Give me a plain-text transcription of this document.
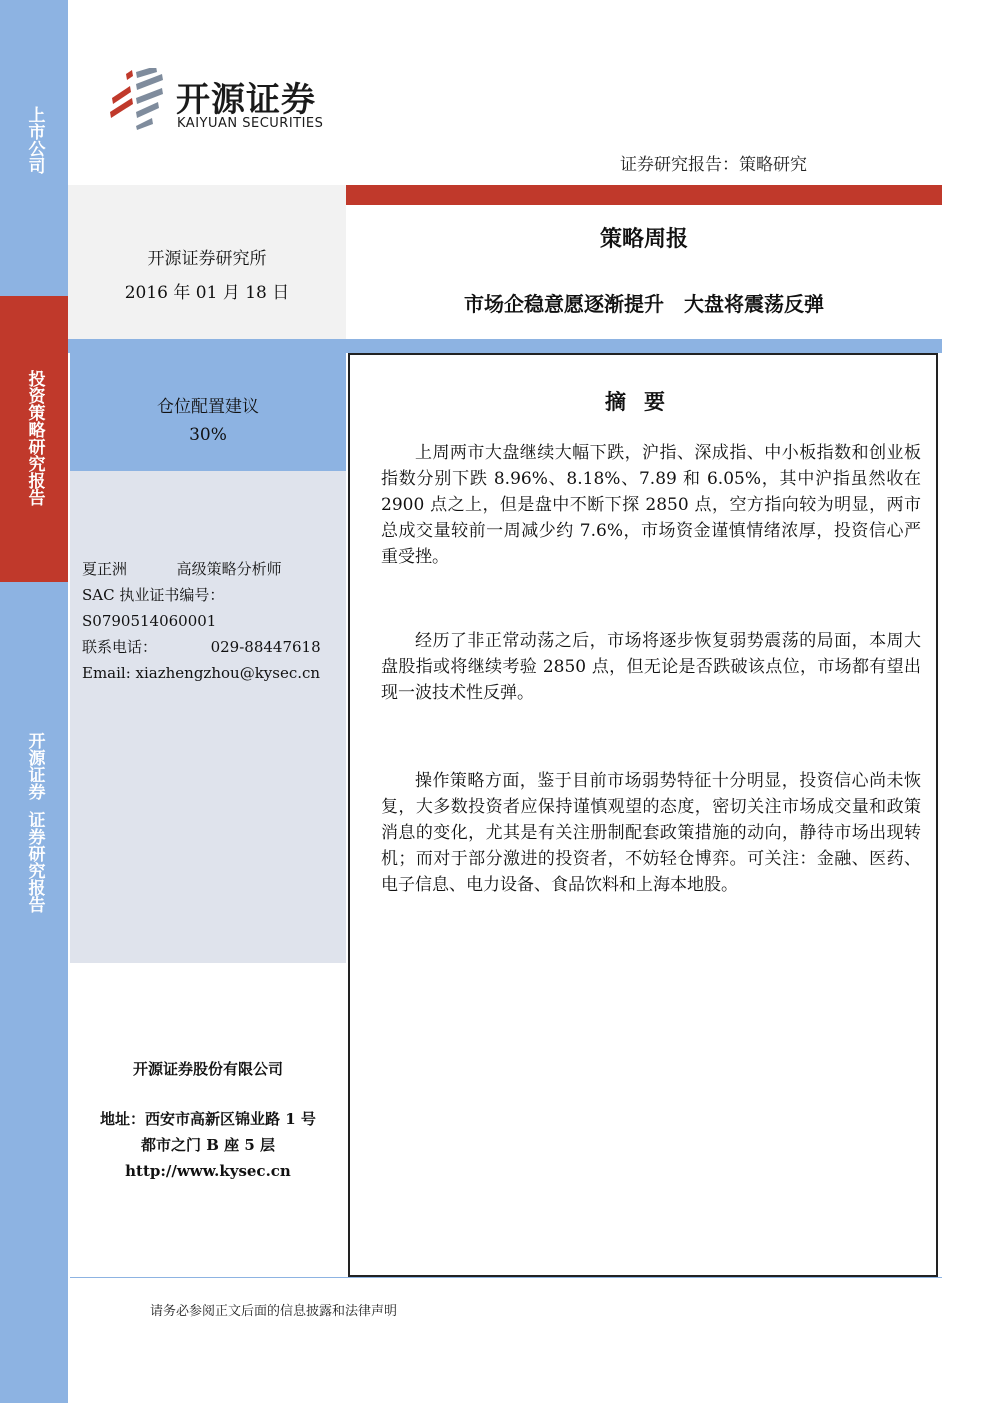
上市公司
投资策略研究报告
开源证券
证券研究报告
开源证券
KAIYUAN SECURITIES
证券研究报告：策略研究
开源证券研究所
2016 年 01 月 18 日
策略周报
市场企稳意愿逐渐提升　大盘将震荡反弹
仓位配置建议
30%
夏正洲	高级策略分析师
SAC 执业证书编号：
S0790514060001
联系电话：	029-88447618
Email: xiazhengzhou@kysec.cn
开源证券股份有限公司
地址：西安市高新区锦业路 1 号
都市之门 B 座 5 层
http://www.kysec.cn
摘要
上周两市大盘继续大幅下跌，沪指、深成指、中小板指数和创业板指数分别下跌 8.96%、8.18%、7.89 和 6.05%，其中沪指虽然收在 2900 点之上，但是盘中不断下探 2850 点，空方指向较为明显，两市总成交量较前一周减少约 7.6%，市场资金谨慎情绪浓厚，投资信心严重受挫。
经历了非正常动荡之后，市场将逐步恢复弱势震荡的局面，本周大盘股指或将继续考验 2850 点，但无论是否跌破该点位，市场都有望出现一波技术性反弹。
操作策略方面，鉴于目前市场弱势特征十分明显，投资信心尚未恢复，大多数投资者应保持谨慎观望的态度，密切关注市场成交量和政策消息的变化，尤其是有关注册制配套政策措施的动向，静待市场出现转机；而对于部分激进的投资者，不妨轻仓博弈。可关注：金融、医药、电子信息、电力设备、食品饮料和上海本地股。
请务必参阅正文后面的信息披露和法律声明
